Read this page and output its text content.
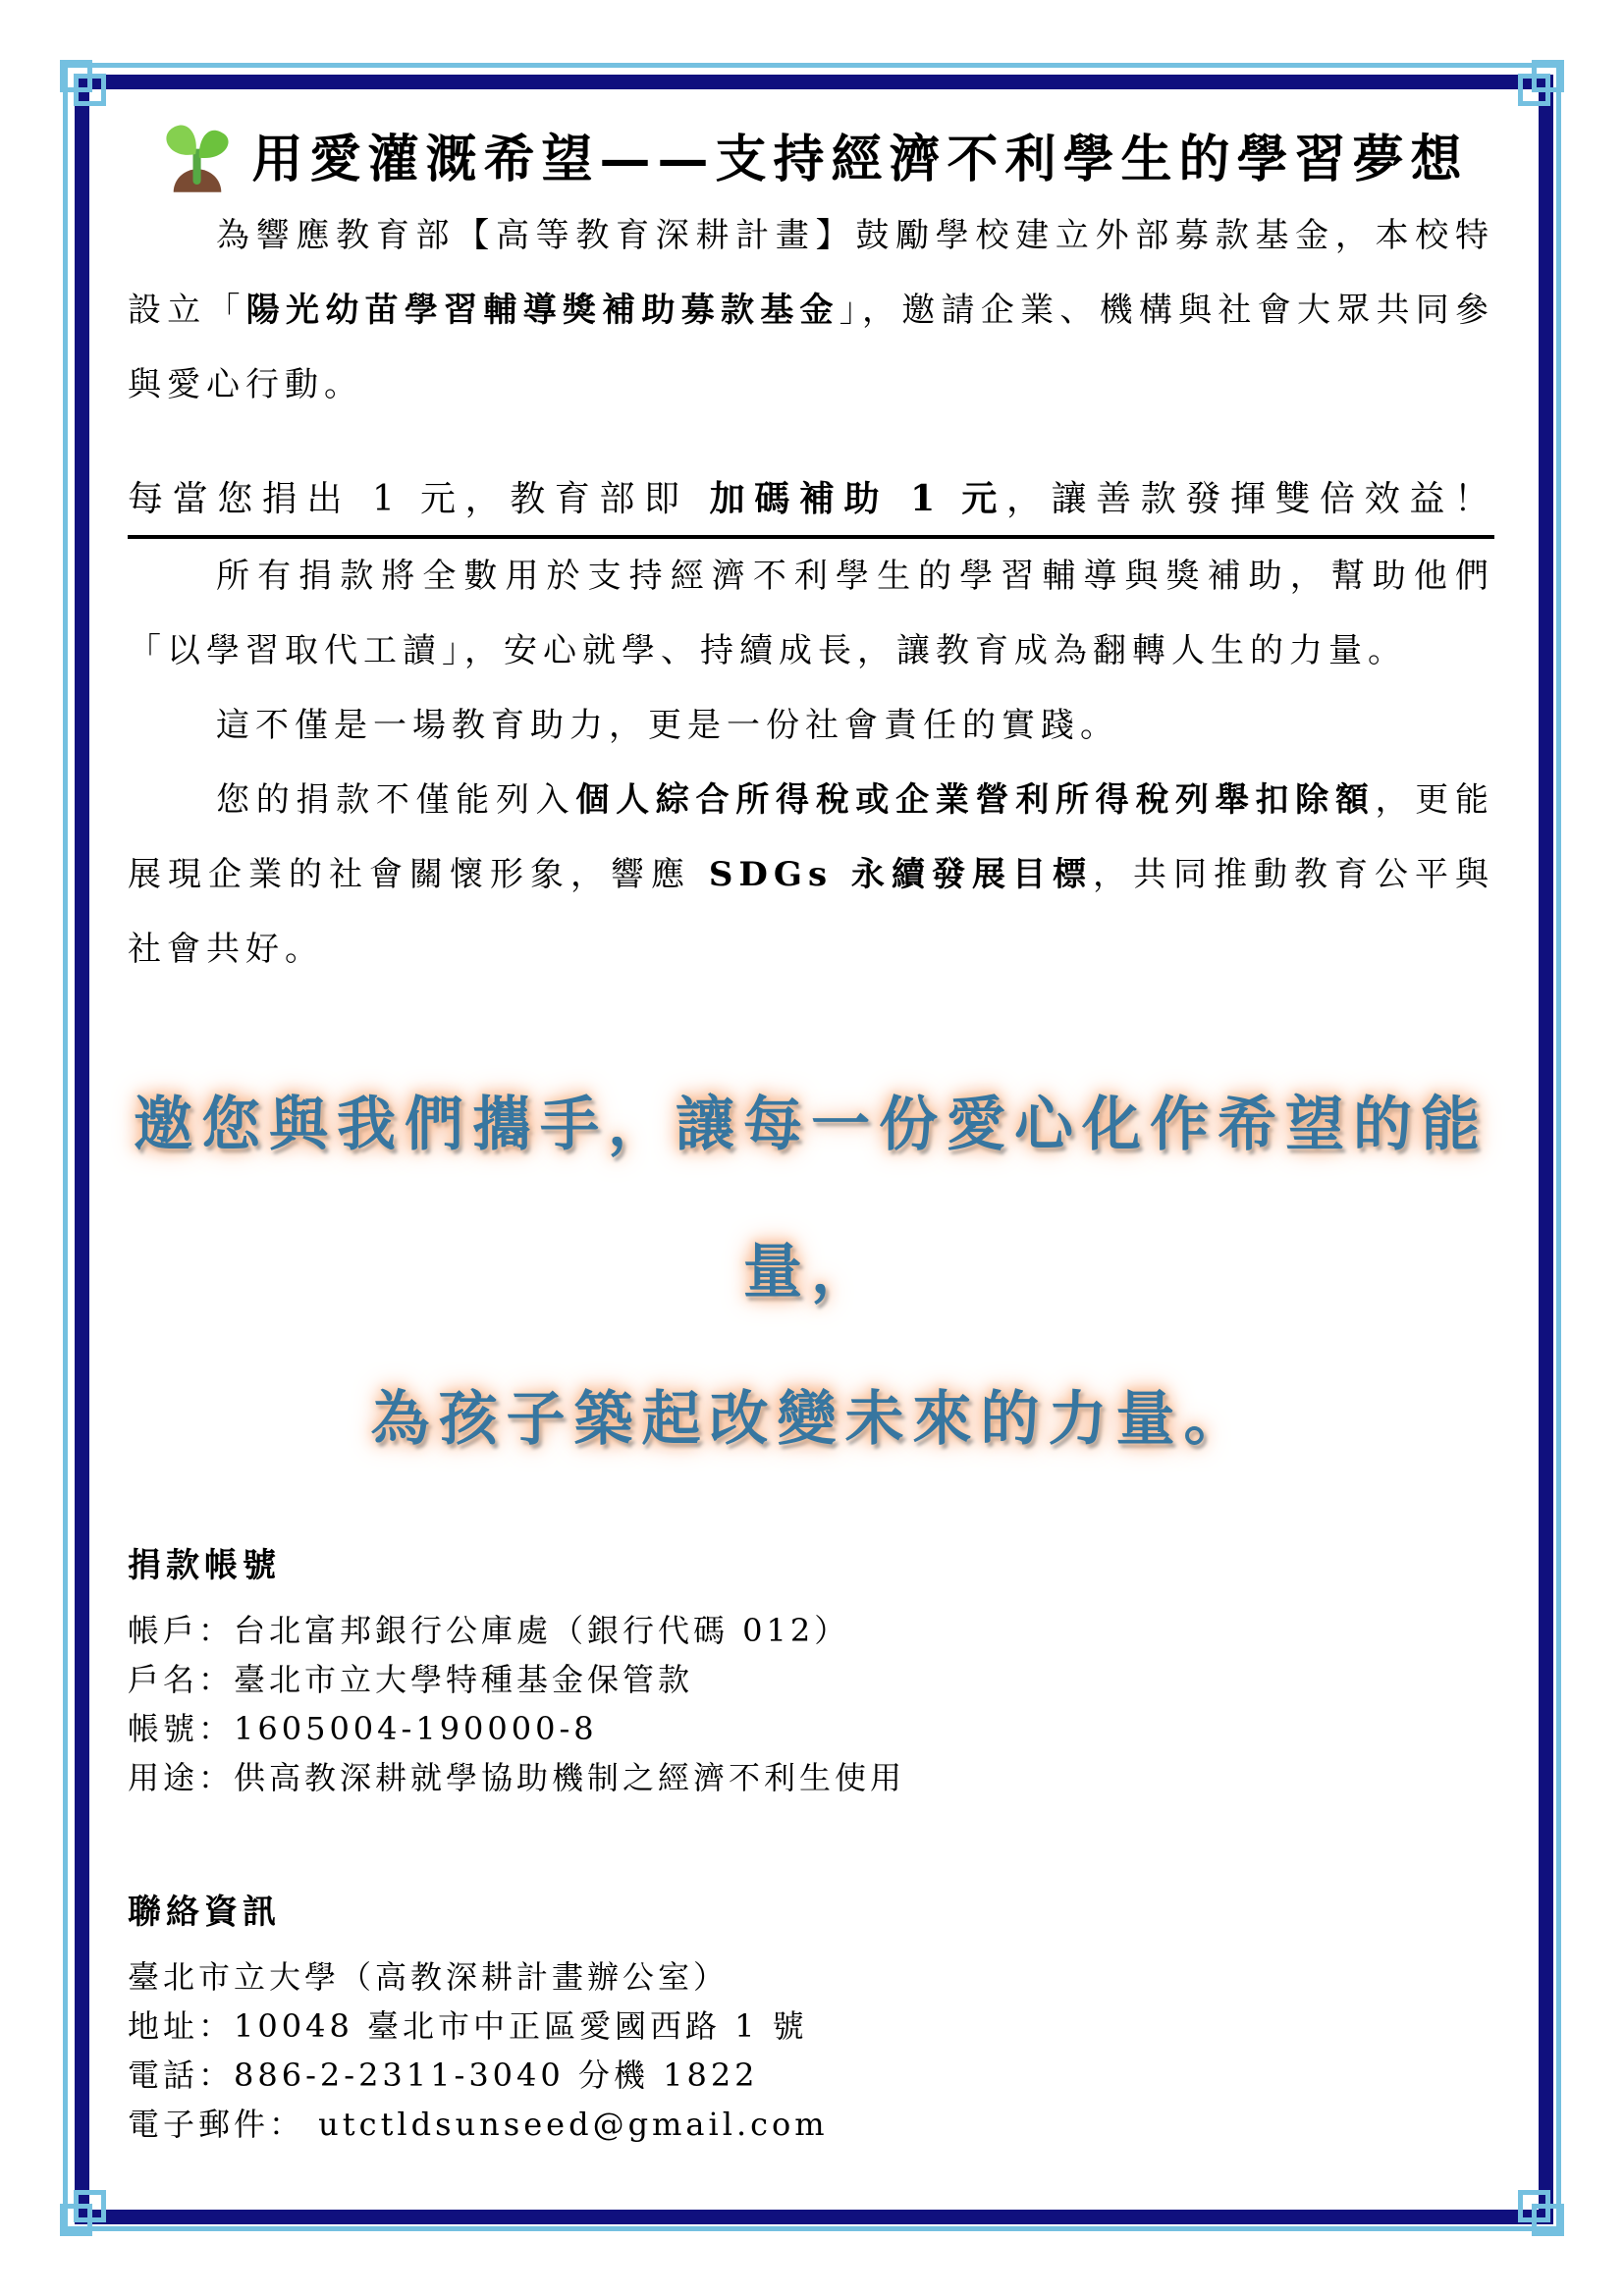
用愛灌溉希望——支持經濟不利學生的學習夢想

為響應教育部【高等教育深耕計畫】鼓勵學校建立外部募款基金，本校特設立「陽光幼苗學習輔導獎補助募款基金」，邀請企業、機構與社會大眾共同參與愛心行動。

每當您捐出 1 元，教育部即 加碼補助 1 元，讓善款發揮雙倍效益！

所有捐款將全數用於支持經濟不利學生的學習輔導與獎補助，幫助他們「以學習取代工讀」，安心就學、持續成長，讓教育成為翻轉人生的力量。

這不僅是一場教育助力，更是一份社會責任的實踐。

您的捐款不僅能列入個人綜合所得稅或企業營利所得稅列舉扣除額，更能展現企業的社會關懷形象，響應 SDGs 永續發展目標，共同推動教育公平與社會共好。

邀您與我們攜手，讓每一份愛心化作希望的能量，
為孩子築起改變未來的力量。
捐款帳號
帳戶：台北富邦銀行公庫處（銀行代碼 012）
戶名：臺北市立大學特種基金保管款
帳號：1605004-190000-8
用途：供高教深耕就學協助機制之經濟不利生使用
聯絡資訊
臺北市立大學（高教深耕計畫辦公室）
地址：10048 臺北市中正區愛國西路 1 號
電話：886-2-2311-3040 分機 1822
電子郵件： utctldsunseed@gmail.com
